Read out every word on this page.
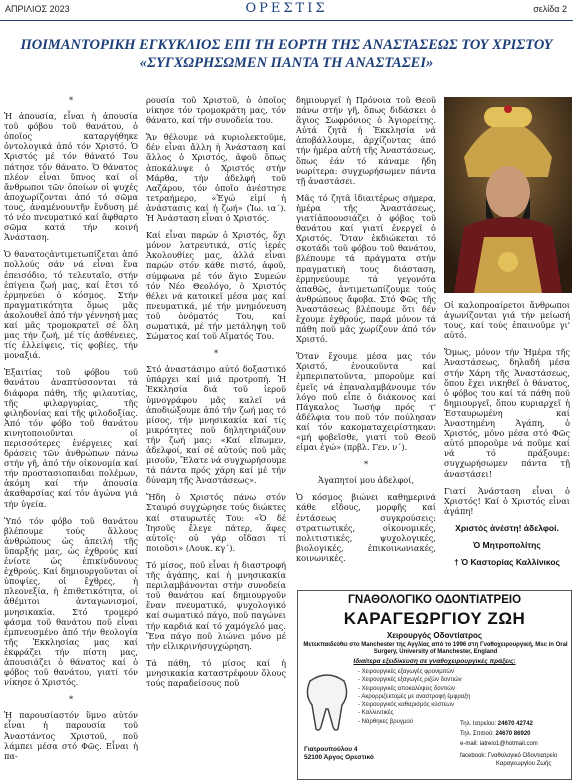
ΑΠΡΙΛΙΟΣ 2023	ΟΡΕΣΤΙΣ	σελίδα 2
ΠΟΙΜΑΝΤΟΡΙΚΗ ΕΓΚΥΚΛΙΟΣ ΕΠΙ ΤΗ ΕΟΡΤΗ ΤΗΣ ΑΝΑΣΤΑΣΕΩΣ ΤΟΥ ΧΡΙΣΤΟΥ «ΣΥΓΧΩΡΗΣΩΜΕΝ ΠΑΝΤΑ ΤΗ ΑΝΑΣΤΑΣΕΙ»
*

Ἡ ἀπουσία, εἶναι ἡ ἀπουσία τοῦ φόβου τοῦ θανάτου, ὁ ὁποῖος καταργήθηκε ὀντολογικά ἀπό τόν Χριστό. Ὁ Χριστός μέ τόν θάνατό Του πάτησε τόν θάνατο. Ὁ θάνατος πλέον εἶναι ὕπνος καί οἱ ἄνθρωποι τῶν ὁποίων οἱ ψυχές ἀποχωρίζονται ἀπό τό σῶμα τους, ἀναμένουντῆν ἔνδυση μέ τό νέο πνευματικό καί ἄφθαρτο σῶμα κατά τήν κοινή Ἀνάσταση.

Ὁ θανατοςἀντιμετωπίζεται ἀπό πολλούς σάν νά εἶναι ἕνα ἐπεισόδιο, τό τελευταῖο, στήν ἐπίγεια ζωή μας, καί ἔτσι τό ἑρμηνεύει ὁ κόσμος. Στήν πραγματικότητα ὅμως μᾶς ἀκολουθεῖ ἀπό τήν γέννησή μας καί μᾶς τρομοκρατεῖ σέ ὅλη μας τήν ζωή, μέ τίς ἀσθένειες, τίς ἐλλείψεις, τίς φοβίες, τήν μοναξιά.

Ἐξαιτίας τοῦ φόβου τοῦ θανάτου ἀναπτύσσονται τά διάφορα πάθη, τῆς φιλαυτίας, τῆς φιλαργυρίας, τῆς φιληδονίας καί τῆς φιλοδοξίας. Ἀπό τόν φόβο τοῦ θανάτου κινητοποιοῦνται οἱ περισσότερες ἐνέργειες καί δράσεις τῶν ἀνθρώπων πάνω στήν γῆ, ἀπό τήν οἰκονομία καί τήν προστασιοπαιδαι πολέμων, ἀκόμη καί τήν ἀπουσία ἀκαθαρσίας καί τόν ἀγώνα γιά τήν ὑγεία.

Ὑπό τόν φόβο τοῦ θανάτου βλέπουμε τούς ἄλλους ἀνθρώπους ὡς ἀπειλή τῆς ὕπαρξής μας, ὡς ἐχθρούς καί ἐνίοτε ὡς ἐπικίνδυνους ἐχθρούς. Καί δημιουργοῦνται οἱ ὑποψίες, οἱ ἔχθρες, ἡ πλεονεξία, ἡ ἐπιθετικότητα, οἱ ἀθέμιτοι ἀνταγωνισμοί, μνησικακία. Στό τρομερό φάσμα τοῦ θανάτου ποῦ εἶναι ἐμπνευσμένο ἀπό τήν θεολογία τῆς Ἐκκλησίας μας καί ἐκφράζει τήν πίστη μας, ἀπουσιάζει ὁ θάνατος καί ὁ φόβος τοῦ θανάτου, γιατί τόν νίκησε ὁ Χριστός.

*

Ἡ παρουσίαστόν ὕμνο αὐτόν εἶναι ἡ παρουσία τοῦ Ἀναστάντος Χριστοῦ, ποῦ λάμπει μέσα στό Φῶς. Εἶναι ἡ πα-

ρουσία τοῦ Χριστοῦ, ὁ ὁποῖος νίκησε τόν τρομοκράτη μας, τόν θάνατο, καί τήν συνοδεία του.

Ἄν θέλουμε νά κυριολεκτοῦμε, δέν εἶναι ἄλλη ἡ Ἀνάσταση καί ἄλλος ὁ Χριστός, ἀφοῦ ὅπως ἀποκάλυψε ὁ Χριστός στήν Μάρθα, τήν ἀδελφή τοῦ Λαζάρου, τόν ὁποῖο ἀνέστησε τετραήμερο, «Ἐγώ εἰμί ἡ ἀνάστασις καί ἡ ζωή» (Ἰω. ια΄). Ἡ Ἀνάσταση εἶναι ὁ Χριστός.

Καί εἶναι παρών ὁ Χριστός, ὄχι μόνον λατρευτικά, στίς ἱερές Ἀκολουθίες μας, ἀλλά εἶναι παρών στόν κάθε πιστό, ἀφοῦ, σύμφωνα μέ τόν ἅγιο Συμεών τόν Νέο Θεολόγο, ὁ Χριστός θέλει νά κατοικεῖ μέσα μας καί πνευματικά, μέ τήν μνημόνευση τοῦ ὀνόματός Του, καί σωματικά, μέ τήν μετάληψη τοῦ Σώματος καί τοῦ Αἵματός Του.

*

Στό ἀναστάσιμο αὐτό δοξαστικό ὑπάρχει καί μιά προτροπή. Ἡ Ἐκκλησία διά τοῦ ἱεροῦ ὑμνογράφου μᾶς καλεῖ νά ἀποδιώξουμε ἀπό τήν ζωή μας τό μίσος, τήν μνησικακία καί τίς μικρότητες ποῦ δηλητηριάζουν τήν ζωή μας: «Καί εἴπωμεν, ἀδελφοί, καί σέ αὐτούς ποῦ μᾶς μισοῦν, Ἔλατε νά συγχωρήσουμε τά πάντα πρός χάρη καί μέ τήν δύναμη τῆς Ἀναστάσεως».

Ἤδη ὁ Χριστός πάνω στόν Σταυρό συγχώρησε τούς διώκτες καί σταυρωτές Του: «Ὁ δέ Ἰησοῦς ἔλεγε πάτερ, ἄφες αὐτοῖς· οὐ γάρ οἴδασι τί ποιοῦσι» (Λουκ. κγ΄).

Τό μίσος, ποῦ εἶναι ἡ διαστροφή τῆς ἀγάπης, καί ἡ μνησικακία περιλαμβάνονται στήν συνοδεία τοῦ θανάτου καί δημιουργοῦν ἕναν πνευματικό, ψυχολογικό καί σωματικό πάγο, ποῦ παγώνει τήν καρδιά καί τό χαμόγελό μας. Ἕνα πάγο ποῦ λιώνει μόνο μέ τήν εἰλικρινήσυγχώρηση.

Τά πάθη, τό μίσος καί ἡ μνησικακία καταστρέφουν ὅλους τούς παραδείσους ποῦ

δημιουργεῖ ἡ Πρόνοια τοῦ Θεοῦ πάνω στήν γῆ, ὅπως διδάσκει ὁ ἅγιος Σωφρόνιος ὁ Ἁγιορείτης. Αὐτά ζητᾶ ἡ Ἐκκλησία νά ἀποβάλλουμε, ἀρχίζοντας ἀπό τήν ἡμέρα αὐτή τῆς Ἀναστάσεως, ὅπως ἐάν τό κάναμε ἤδη νωρίτερα: συγχωρήσωμεν πάντα τῇ ἀναστάσει.

Μᾶς τό ζητᾶ ἰδιαιτέρως σήμερα, ἡμέρα τῆς Ἀναστάσεως, γιατίἀποουσιάζει ὁ φόβος τοῦ θανάτου καί γιατί ἐνεργεῖ ὁ Χριστός. Ὅταν ἐκδιώκεται τό σκοτάδι τοῦ φόβου τοῦ θανάτου, βλέπουμε τά πράγματα στήν πραγματική τους διάσταση, ἑρμηνεύουμε τά γεγονότα ἀπαθῶς, ἀντιμετωπίζουμε τούς ἀνθρώπους ἄφοβα. Στό Φῶς τῆς Ἀναστάσεως βλέπουμε ὅτι δέν ἔχουμε ἐχθρούς, παρά μόνον τά πάθη ποῦ μᾶς χωρίζουν ἀπό τόν Χριστό.

Ὅταν ἔχουμε μέσα μας τόν Χριστό, ἑνοικοῦντα καί ἐμπεριπατοῦντα, μποροῦμε καί ἐμεῖς νά ἐπαναλαμβάνουμε τόν λόγο ποῦ εἶπε ὁ διάκονος καί Πάγκαλος Ἰωσήφ πρός τ' ἀδέλφια του ποῦ τόν πούλησαν καί τόν κακοματαχειρίστηκαν: «μή φοβεῖσθε, γιατί τοῦ Θεοῦ εἰμαι ἐγώ» (πρβλ. Γεν. ν΄).

*

Ἀγαπητοί μου ἀδελφοί,

Ὁ κόσμος βιώνει καθημερινά κάθε εἴδους, μορφῆς καί ἐντάσεως συγκρούσεις: στρατιωτικές, οἰκονομικές, πολιτιστικές, ψυχολογικές, βιολογικές, ἐπικοινωνιακές, κοινωνικές.

Οἱ καλοπροαίρετοι ἄνθρωποι ἀγωνίζονται γιά τήν μείωσή τους, καί τούς ἐπαινοῦμε γι' αὐτό.

Ὅμως, μόνον τήν Ἡμέρα τῆς Ἀναστάσεως, δηλαδή μέσα στήν Χάρη τῆς Ἀναστάσεως, ὅπου ἔχει νικηθεῖ ὁ θάνατος, ὁ φόβος του καί τά πάθη ποῦ δημιουργεῖ, ὅπου κυριαρχεῖ ἡ Ἐσταυρωμένη καί Ἀναστημένη Ἀγάπη, ὁ Χριστός, μόνο μέσα στό Φῶς αὐτό μποροῦμε νά ποῦμε καί νά τό πράξουμε: συγχωρήσωμεν πάντα τῇ ἀναστάσει!

Γιατί Ἀνάσταση εἶναι ὁ Χριστός! Καί ὁ Χριστός εἶναι ἀγάπη!

Χριστός ἀνέστη! ἀδελφοί.

Ὁ Μητροπολίτης

† Ὁ Καστορίας Καλλίνικος

ΓΝΑΘΟΛΟΓΙΚΟ ΟΔΟΝΤΙΑΤΡΕΙΟ
ΚΑΡΑΓΕΩΡΓΙΟΥ ΖΩΗ
Χειρουργός Οδοντίατρος
Μετεκπαιδεύθει στο Manchester της Αγγλίας από το 1996 στη Γναθοχειρουργική, Msc in Oral Surgery, University of Manchester, England
Ιδιαίτερα εξειδίκευση σε γναθοχειρουργικές πράξεις:
- Χειρουργικές εξαγωγές φρονιμιτών
- Χειρουργικές εξαγωγές ριζών δοντιών
- Χειρουργικές αποκαλύψεις δοντιών
- Ακρορριζεκτομές με αναστροφή έμφραξη
- Χειρουργικός καθαρισμός κύστεων
- Καλλυντικές
- Νάρθηκες βρυγμού	Τηλ. Ιατρείου: 24670 42742
Τηλ. Σπιτιού: 24670 86920
e-mail: iatreio1@hotmail.com
facebook: Γναθολογικό Οδοντιατρείο
Καραγεωργίου Ζωής
Γιατρουπούλου 4
52100 Άργος Ορεστικό
